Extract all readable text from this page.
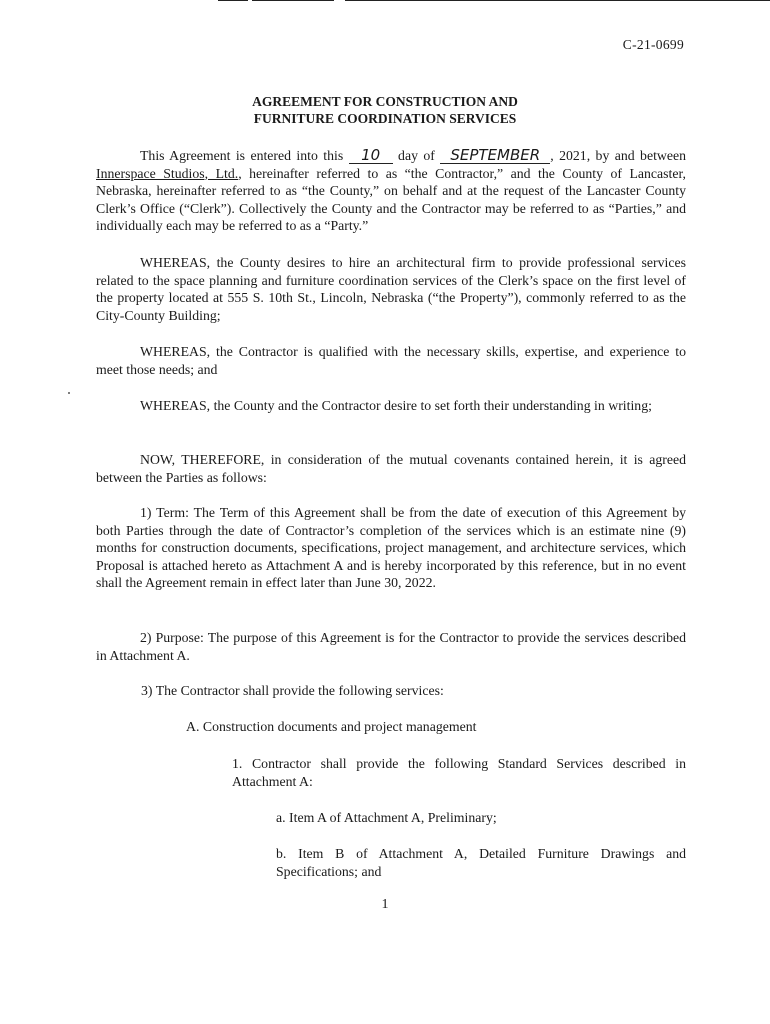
C-21-0699
AGREEMENT FOR CONSTRUCTION AND
FURNITURE COORDINATION SERVICES
This Agreement is entered into this 10 day of SEPTEMBER , 2021, by and between Innerspace Studios, Ltd., hereinafter referred to as “the Contractor,” and the County of Lancaster, Nebraska, hereinafter referred to as “the County,” on behalf and at the request of the Lancaster County Clerk’s Office (“Clerk”). Collectively the County and the Contractor may be referred to as “Parties,” and individually each may be referred to as a “Party.”
WHEREAS, the County desires to hire an architectural firm to provide professional services related to the space planning and furniture coordination services of the Clerk’s space on the first level of the property located at 555 S. 10th St., Lincoln, Nebraska (“the Property”), commonly referred to as the City-County Building;
WHEREAS, the Contractor is qualified with the necessary skills, expertise, and experience to meet those needs; and
WHEREAS, the County and the Contractor desire to set forth their understanding in writing;
NOW, THEREFORE, in consideration of the mutual covenants contained herein, it is agreed between the Parties as follows:
1) Term: The Term of this Agreement shall be from the date of execution of this Agreement by both Parties through the date of Contractor’s completion of the services which is an estimate nine (9) months for construction documents, specifications, project management, and architecture services, which Proposal is attached hereto as Attachment A and is hereby incorporated by this reference, but in no event shall the Agreement remain in effect later than June 30, 2022.
2) Purpose: The purpose of this Agreement is for the Contractor to provide the services described in Attachment A.
3) The Contractor shall provide the following services:
A. Construction documents and project management
1. Contractor shall provide the following Standard Services described in Attachment A:
a. Item A of Attachment A, Preliminary;
b. Item B of Attachment A, Detailed Furniture Drawings and Specifications; and
1
